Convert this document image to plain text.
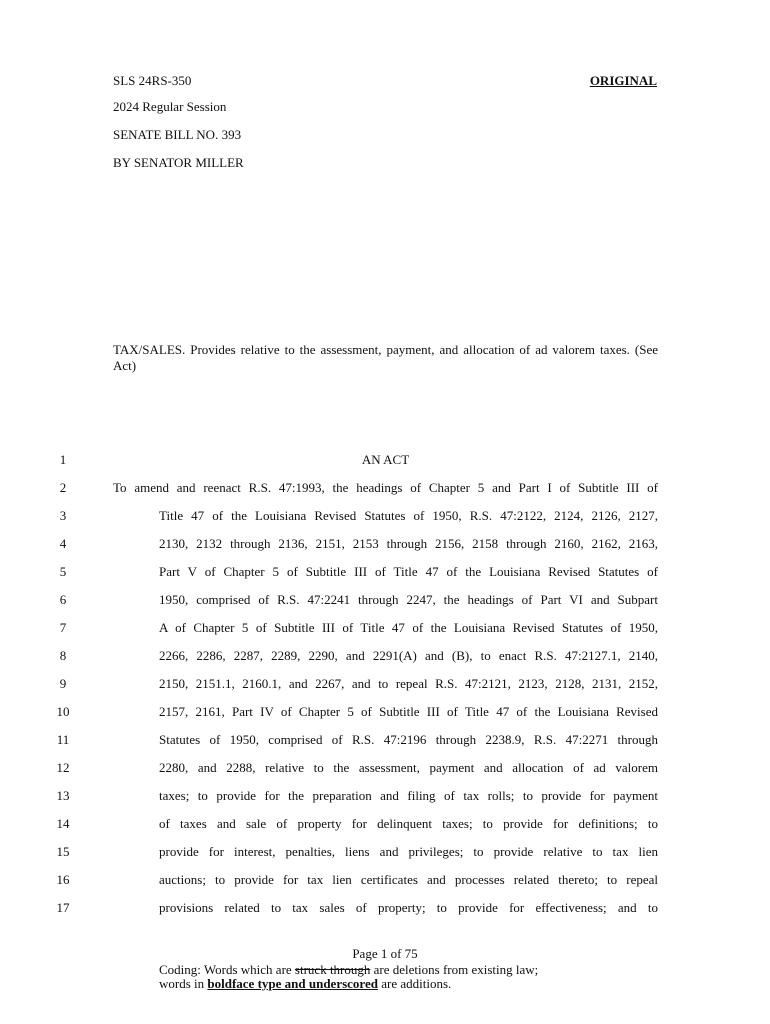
SLS 24RS-350	ORIGINAL
2024 Regular Session
SENATE BILL NO. 393
BY SENATOR MILLER
TAX/SALES. Provides relative to the assessment, payment, and allocation of ad valorem taxes. (See Act)
1	AN ACT
2	To amend and reenact R.S. 47:1993, the headings of Chapter 5 and Part I of Subtitle III of
3	Title 47 of the Louisiana Revised Statutes of 1950, R.S. 47:2122, 2124, 2126, 2127,
4	2130, 2132 through 2136, 2151, 2153 through 2156, 2158 through 2160, 2162, 2163,
5	Part V of Chapter 5 of Subtitle III of Title 47 of the Louisiana Revised Statutes of
6	1950, comprised of R.S. 47:2241 through 2247, the headings of Part VI and Subpart
7	A of Chapter 5 of Subtitle III of Title 47 of the Louisiana Revised Statutes of 1950,
8	2266, 2286, 2287, 2289, 2290, and 2291(A) and (B), to enact R.S. 47:2127.1, 2140,
9	2150, 2151.1, 2160.1, and 2267, and to repeal R.S. 47:2121, 2123, 2128, 2131, 2152,
10	2157, 2161, Part IV of Chapter 5 of Subtitle III of Title 47 of the Louisiana Revised
11	Statutes of 1950, comprised of R.S. 47:2196 through 2238.9, R.S. 47:2271 through
12	2280, and 2288, relative to the assessment, payment and allocation of ad valorem
13	taxes; to provide for the preparation and filing of tax rolls; to provide for payment
14	of taxes and sale of property for delinquent taxes; to provide for definitions; to
15	provide for interest, penalties, liens and privileges; to provide relative to tax lien
16	auctions; to provide for tax lien certificates and processes related thereto; to repeal
17	provisions related to tax sales of property; to provide for effectiveness; and to
Page 1 of 75
Coding: Words which are struck through are deletions from existing law;
words in boldface type and underscored are additions.
